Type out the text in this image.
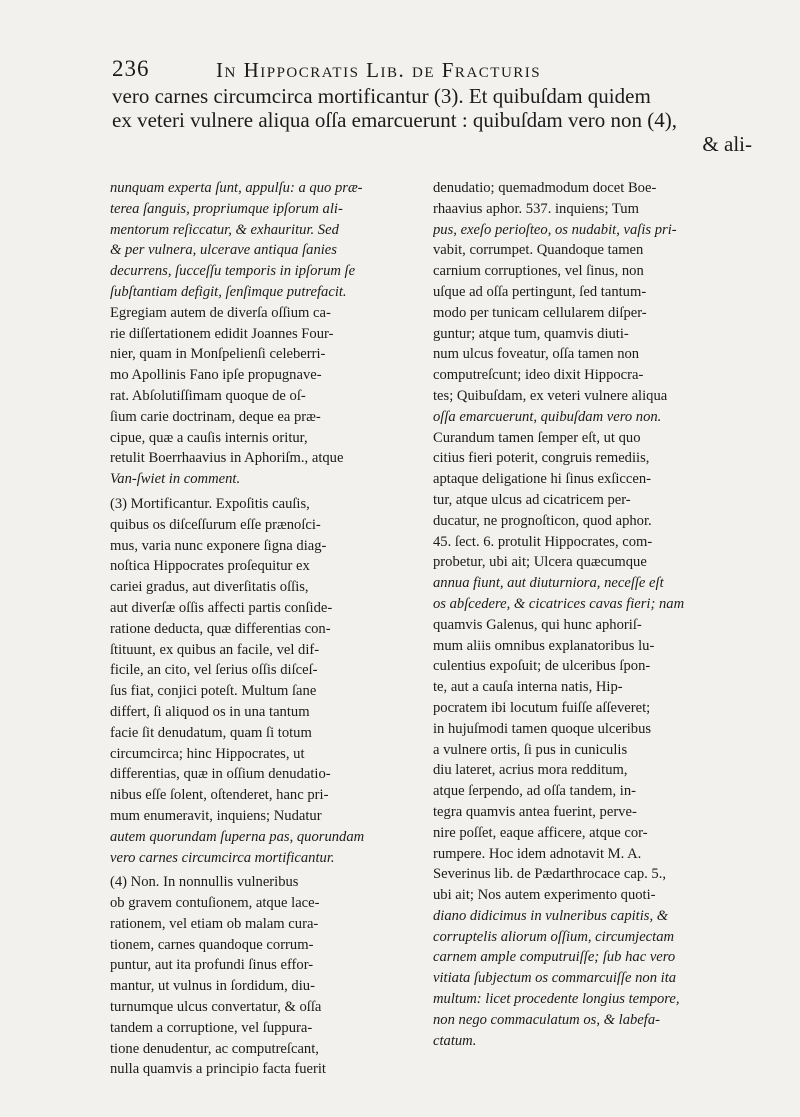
236	In Hippocratis Lib. de Fracturis
vero carnes circumcirca mortificantur (3). Et quibuſdam quidem
ex veteri vulnere aliqua oſſa emarcuerunt : quibuſdam vero non (4),
& ali-
nunquam experta ſunt, appulſu: a quo præ-
terea ſanguis, propriumque ipſorum ali-
mentorum reſiccatur, & exhauritur. Sed
& per vulnera, ulcerave antiqua ſanies
decurrens, ſucceſſu temporis in ipſorum ſe
ſubſtantiam defigit, ſenſimque putrefacit.
Egregiam autem de diverſa oſſium ca-
rie diſſertationem edidit Joannes Four-
nier, quam in Monſpelienſi celeberri-
mo Apollinis Fano ipſe propugnave-
rat. Abſolutiſſimam quoque de oſ-
ſium carie doctrinam, deque ea præ-
cipue, quæ a cauſis internis oritur,
retulit Boerrhaavius in Aphoriſm., atque
Van-ſwiet in comment.
(3) Mortificantur. Expoſitis cauſis,
quibus os diſceſſurum eſſe prænoſci-
mus, varia nunc exponere ſigna diag-
noſtica Hippocrates proſequitur ex
cariei gradus, aut diverſitatis oſſis,
aut diverſæ oſſis affecti partis conſide-
ratione deducta, quæ differentias con-
ſtituunt, ex quibus an facile, vel dif-
ficile, an cito, vel ſerius oſſis diſceſ-
ſus fiat, conjici poteſt. Multum ſane
differt, ſi aliquod os in una tantum
facie ſit denudatum, quam ſi totum
circumcirca; hinc Hippocrates, ut
differentias, quæ in oſſium denudatio-
nibus eſſe ſolent, oſtenderet, hanc pri-
mum enumeravit, inquiens; Nudatur
autem quorundam ſuperna pas, quorundam
vero carnes circumcirca mortificantur.
(4) Non. In nonnullis vulneribus
ob gravem contuſionem, atque lace-
rationem, vel etiam ob malam cura-
tionem, carnes quandoque corrum-
puntur, aut ita profundi ſinus effor-
mantur, ut vulnus in ſordidum, diu-
turnumque ulcus convertatur, & oſſa
tandem a corruptione, vel ſuppura-
tione denudentur, ac computreſcant,
nulla quamvis a principio facta fuerit
denudatio; quemadmodum docet Boe-
rhaavius aphor. 537. inquiens; Tum
pus, exeſo perioſteo, os nudabit, vaſis pri-
vabit, corrumpet. Quandoque tamen
carnium corruptiones, vel ſinus, non
uſque ad oſſa pertingunt, ſed tantum-
modo per tunicam cellularem diſper-
guntur; atque tum, quamvis diuti-
num ulcus foveatur, oſſa tamen non
computreſcunt; ideo dixit Hippocra-
tes; Quibuſdam, ex veteri vulnere aliqua
oſſa emarcuerunt, quibuſdam vero non.
Curandum tamen ſemper eſt, ut quo
citius fieri poterit, congruis remediis,
aptaque deligatione hi ſinus exſiccen-
tur, atque ulcus ad cicatricem per-
ducatur, ne prognoſticon, quod aphor.
45. ſect. 6. protulit Hippocrates, com-
probetur, ubi ait; Ulcera quæcumque
annua fiunt, aut diuturniora, neceſſe eſt
os abſcedere, & cicatrices cavas fieri; nam
quamvis Galenus, qui hunc aphoriſ-
mum aliis omnibus explanatoribus lu-
culentius expoſuit; de ulceribus ſpon-
te, aut a cauſa interna natis, Hip-
pocratem ibi locutum fuiſſe aſſeveret;
in hujuſmodi tamen quoque ulceribus
a vulnere ortis, ſi pus in cuniculis
diu lateret, acrius mora redditum,
atque ſerpendo, ad oſſa tandem, in-
tegra quamvis antea fuerint, perve-
nire poſſet, eaque afficere, atque cor-
rumpere. Hoc idem adnotavit M. A.
Severinus lib. de Pædarthrocace cap. 5.,
ubi ait; Nos autem experimento quoti-
diano didicimus in vulneribus capitis, &
corruptelis aliorum oſſium, circumjectam
carnem ample computruiſſe; ſub hac vero
vitiata ſubjectum os commarcuiſſe non ita
multum: licet procedente longius tempore,
non nego commaculatum os, & labefa-
ctatum.
